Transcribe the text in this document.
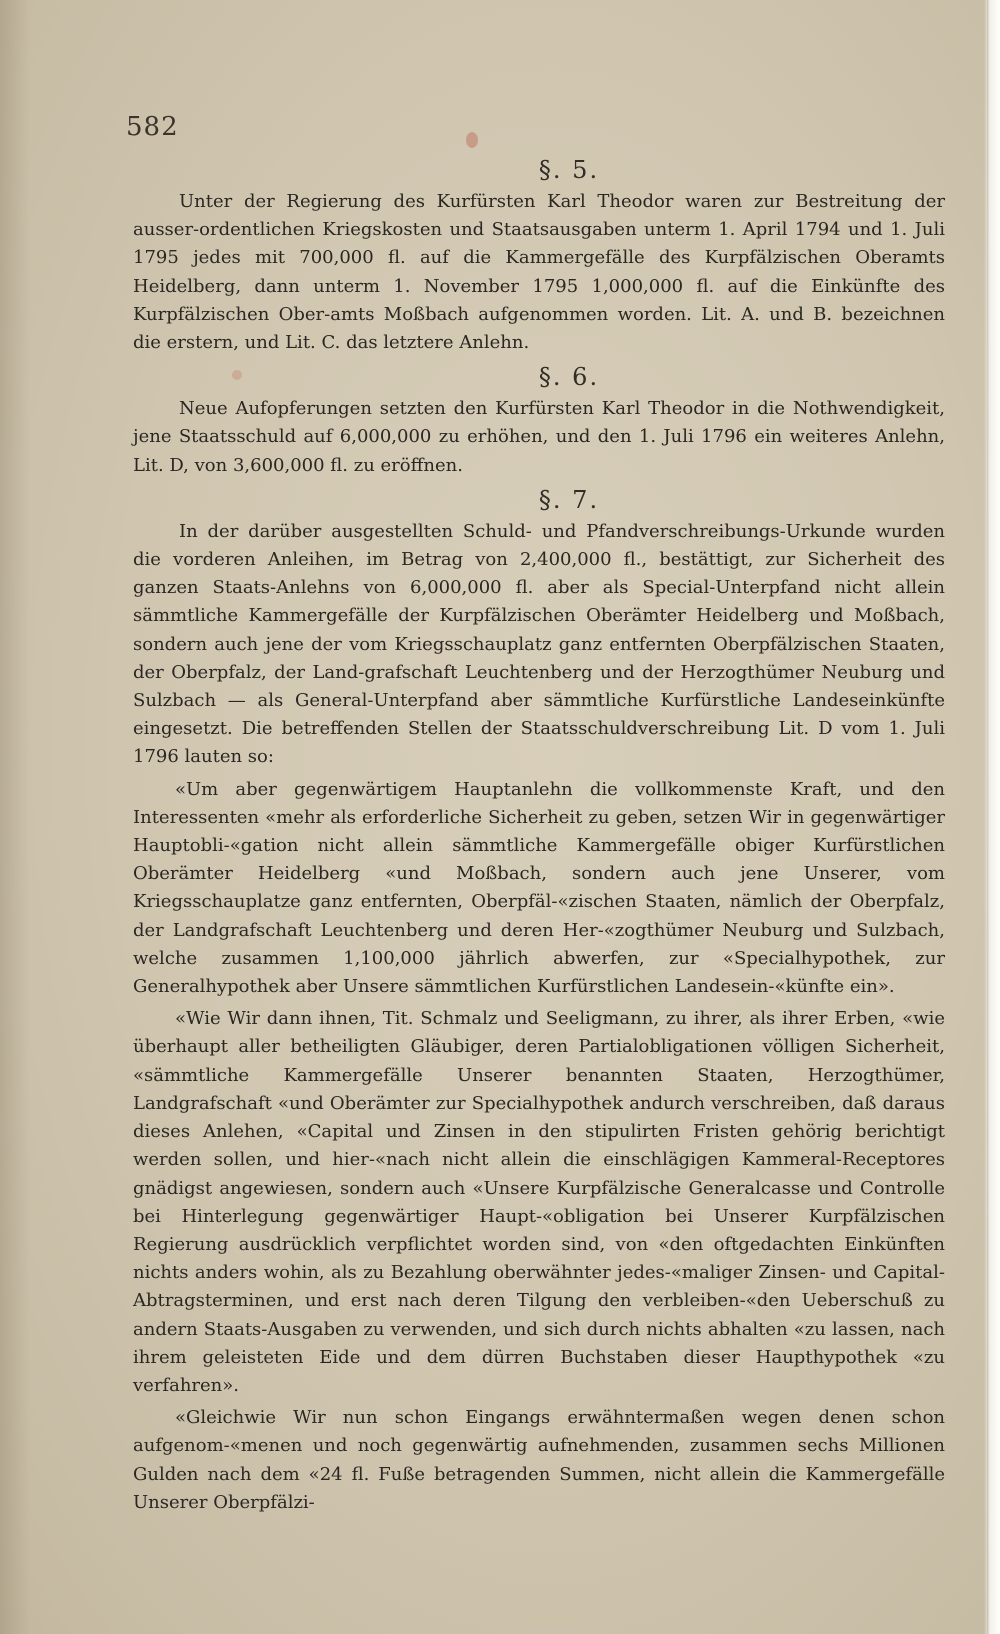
582
§. 5.

Unter der Regierung des Kurfürsten Karl Theodor waren zur Bestreitung der ausser-ordentlichen Kriegskosten und Staatsausgaben unterm 1. April 1794 und 1. Juli 1795 jedes mit 700,000 fl. auf die Kammergefälle des Kurpfälzischen Oberamts Heidelberg, dann unterm 1. November 1795 1,000,000 fl. auf die Einkünfte des Kurpfälzischen Ober-amts Moßbach aufgenommen worden. Lit. A. und B. bezeichnen die erstern, und Lit. C. das letztere Anlehn.

§. 6.

Neue Aufopferungen setzten den Kurfürsten Karl Theodor in die Nothwendigkeit, jene Staatsschuld auf 6,000,000 zu erhöhen, und den 1. Juli 1796 ein weiteres Anlehn, Lit. D, von 3,600,000 fl. zu eröffnen.

§. 7.

In der darüber ausgestellten Schuld- und Pfandverschreibungs-Urkunde wurden die vorderen Anleihen, im Betrag von 2,400,000 fl., bestättigt, zur Sicherheit des ganzen Staats-Anlehns von 6,000,000 fl. aber als Special-Unterpfand nicht allein sämmtliche Kammergefälle der Kurpfälzischen Oberämter Heidelberg und Moßbach, sondern auch jene der vom Kriegsschauplatz ganz entfernten Oberpfälzischen Staaten, der Oberpfalz, der Land-grafschaft Leuchtenberg und der Herzogthümer Neuburg und Sulzbach — als General-Unterpfand aber sämmtliche Kurfürstliche Landeseinkünfte eingesetzt. Die betreffenden Stellen der Staatsschuldverschreibung Lit. D vom 1. Juli 1796 lauten so:

«Um aber gegenwärtigem Hauptanlehn die vollkommenste Kraft, und den Interessenten «mehr als erforderliche Sicherheit zu geben, setzen Wir in gegenwärtiger Hauptobli-«gation nicht allein sämmtliche Kammergefälle obiger Kurfürstlichen Oberämter Heidelberg «und Moßbach, sondern auch jene Unserer, vom Kriegsschauplatze ganz entfernten, Oberpfäl-«zischen Staaten, nämlich der Oberpfalz, der Landgrafschaft Leuchtenberg und deren Her-«zogthümer Neuburg und Sulzbach, welche zusammen 1,100,000 jährlich abwerfen, zur «Specialhypothek, zur Generalhypothek aber Unsere sämmtlichen Kurfürstlichen Landesein-«künfte ein».

«Wie Wir dann ihnen, Tit. Schmalz und Seeligmann, zu ihrer, als ihrer Erben, «wie überhaupt aller betheiligten Gläubiger, deren Partialobligationen völligen Sicherheit, «sämmtliche Kammergefälle Unserer benannten Staaten, Herzogthümer, Landgrafschaft «und Oberämter zur Specialhypothek andurch verschreiben, daß daraus dieses Anlehen, «Capital und Zinsen in den stipulirten Fristen gehörig berichtigt werden sollen, und hier-«nach nicht allein die einschlägigen Kammeral-Receptores gnädigst angewiesen, sondern auch «Unsere Kurpfälzische Generalcasse und Controlle bei Hinterlegung gegenwärtiger Haupt-«obligation bei Unserer Kurpfälzischen Regierung ausdrücklich verpflichtet worden sind, von «den oftgedachten Einkünften nichts anders wohin, als zu Bezahlung oberwähnter jedes-«maliger Zinsen- und Capital-Abtragsterminen, und erst nach deren Tilgung den verbleiben-«den Ueberschuß zu andern Staats-Ausgaben zu verwenden, und sich durch nichts abhalten «zu lassen, nach ihrem geleisteten Eide und dem dürren Buchstaben dieser Haupthypothek «zu verfahren».

«Gleichwie Wir nun schon Eingangs erwähntermaßen wegen denen schon aufgenom-«menen und noch gegenwärtig aufnehmenden, zusammen sechs Millionen Gulden nach dem «24 fl. Fuße betragenden Summen, nicht allein die Kammergefälle Unserer Oberpfälzi-
